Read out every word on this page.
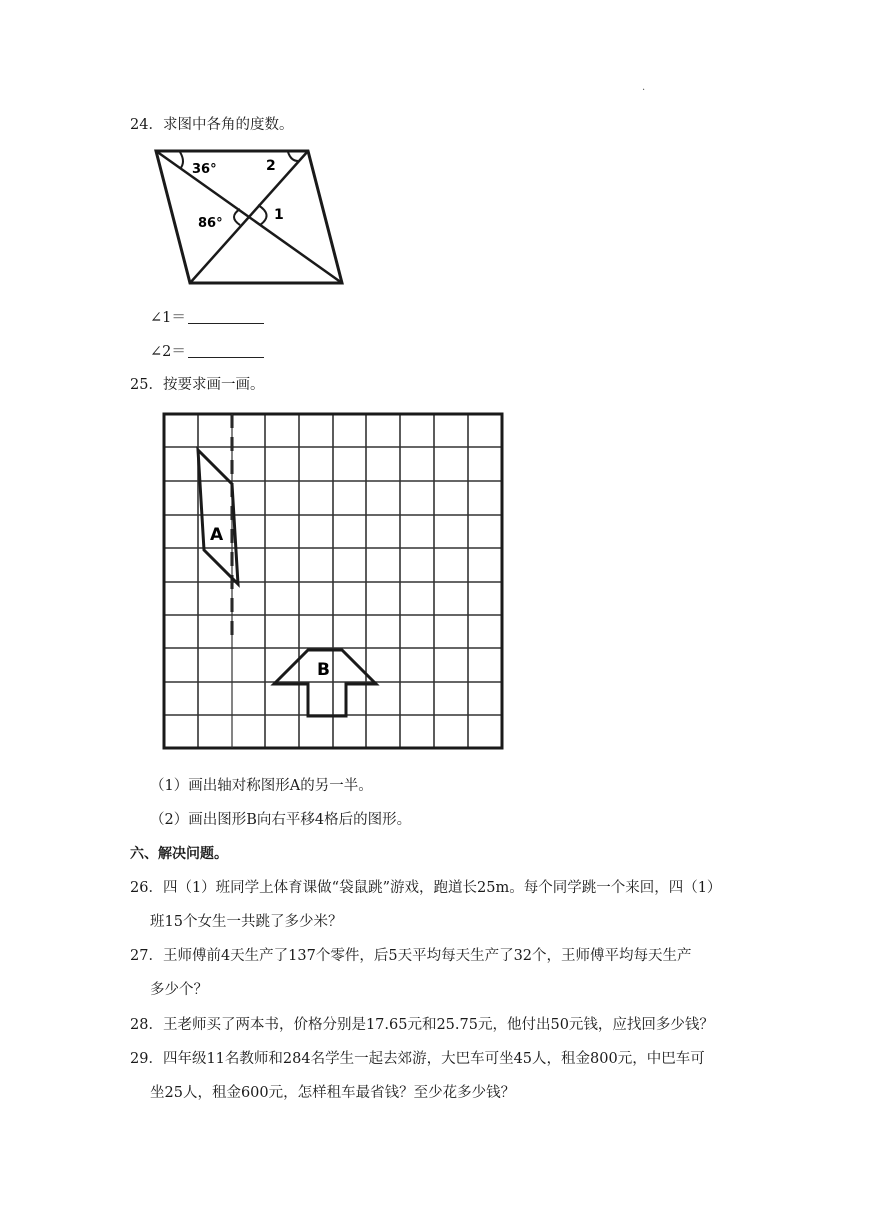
.
24．求图中各角的度数。
36°	2
86°
1
∠1＝
∠2＝
25．按要求画一画。
A
B
（1）画出轴对称图形A的另一半。
（2）画出图形B向右平移4格后的图形。
六、解决问题。
26．四（1）班同学上体育课做“袋鼠跳”游戏，跑道长25m。每个同学跳一个来回，四（1）
班15个女生一共跳了多少米？
27．王师傅前4天生产了137个零件，后5天平均每天生产了32个，王师傅平均每天生产
多少个？
28．王老师买了两本书，价格分别是17.65元和25.75元，他付出50元钱，应找回多少钱？
29．四年级11名教师和284名学生一起去郊游，大巴车可坐45人，租金800元，中巴车可
坐25人，租金600元，怎样租车最省钱？至少花多少钱？
